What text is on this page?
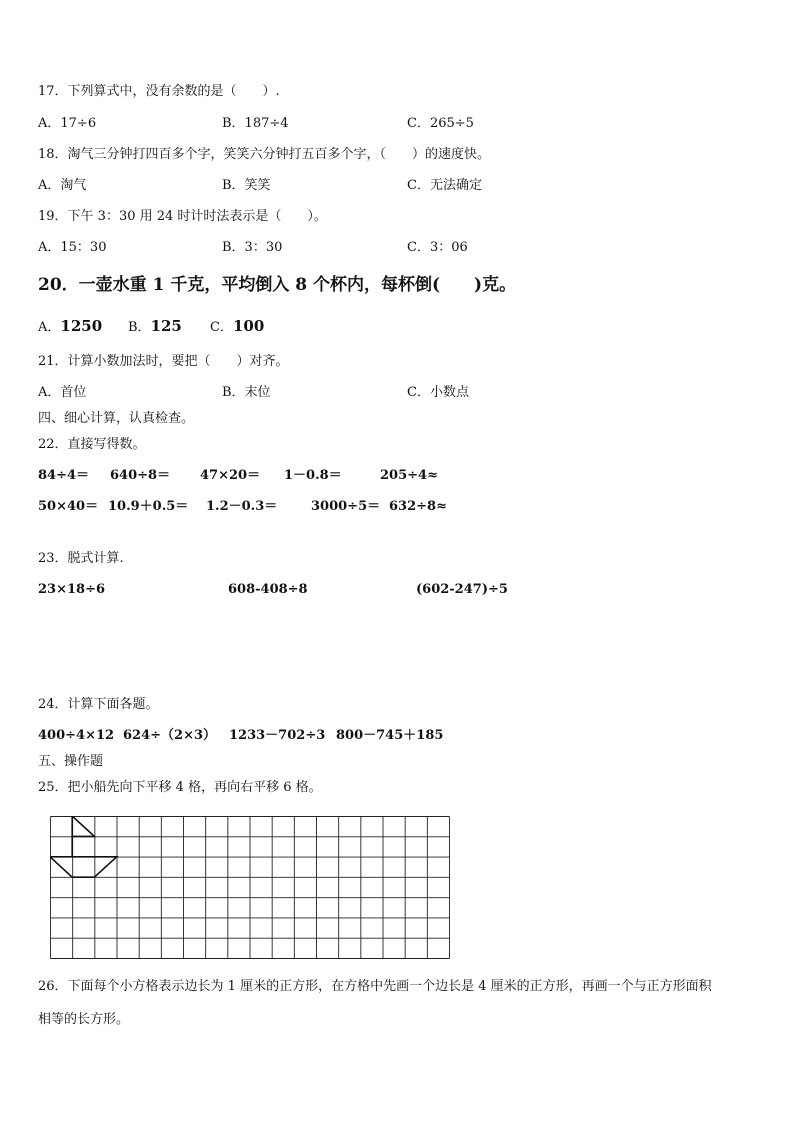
17．下列算式中，没有余数的是（　　）.
A．17÷6	B．187÷4	C．265÷5
18．淘气三分钟打四百多个字，笑笑六分钟打五百多个字，（　　）的速度快。
A．淘气	B．笑笑	C．无法确定
19．下午 3：30 用 24 时计时法表示是（　　）。
A．15：30	B．3：30	C．3：06
20．一壶水重 1 千克，平均倒入 8 个杯内，每杯倒(　　)克。
A．1250 B．125 C．100
21．计算小数加法时，要把（　　）对齐。
A．首位	B．末位	C．小数点
四、细心计算，认真检查。
22．直接写得数。
84÷4＝ 640÷8＝ 47×20＝ 1－0.8＝	205÷4≈
50×40＝ 10.9＋0.5＝ 1.2－0.3＝	3000÷5＝ 632÷8≈
23．脱式计算.
23×18÷6	608-408÷8	(602-247)÷5
24．计算下面各题。
400÷4×12 624÷（2×3） 1233－702÷3 800－745＋185
五、操作题
25．把小船先向下平移 4 格，再向右平移 6 格。
26．下面每个小方格表示边长为 1 厘米的正方形，在方格中先画一个边长是 4 厘米的正方形，再画一个与正方形面积
相等的长方形。
